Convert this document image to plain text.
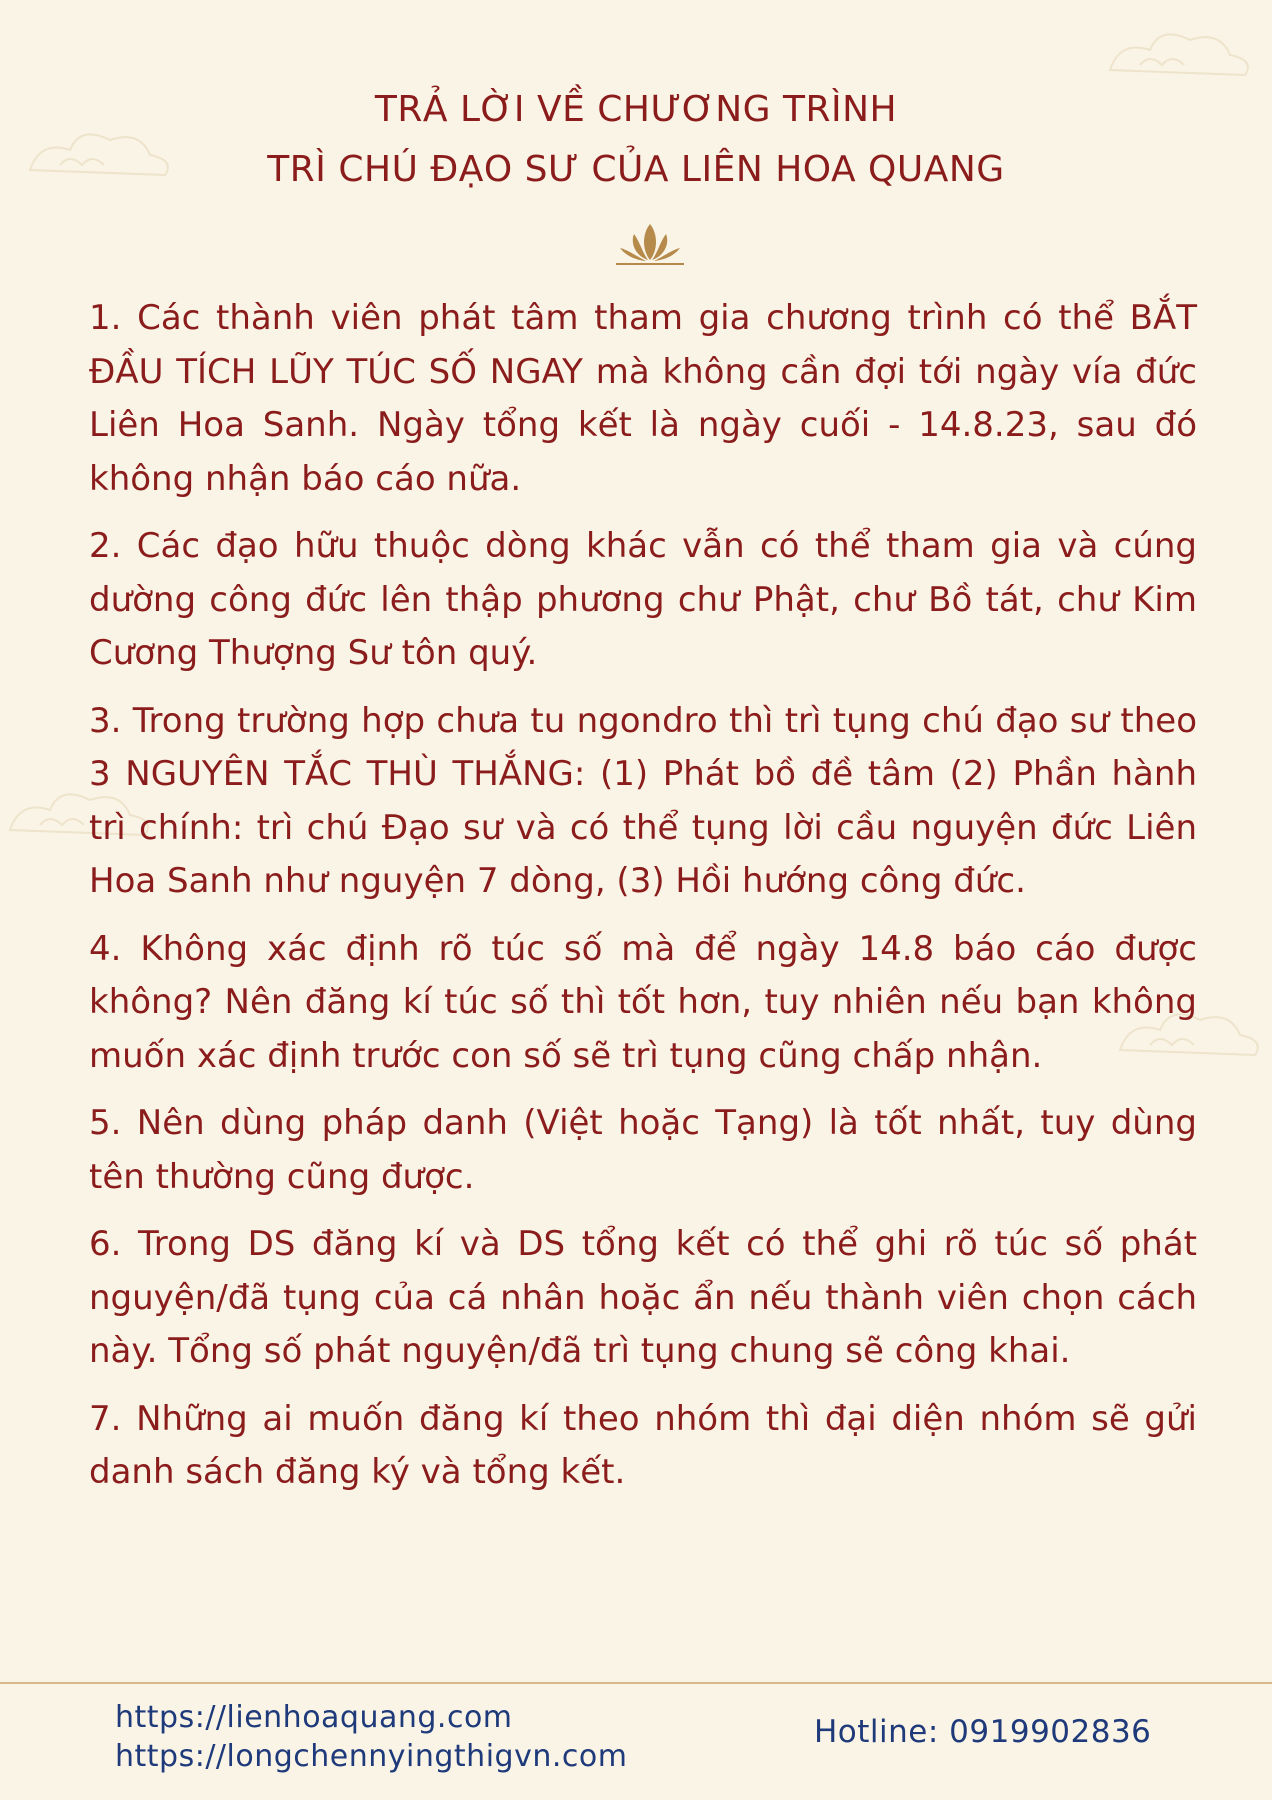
TRẢ LỜI VỀ CHƯƠNG TRÌNH
TRÌ CHÚ ĐẠO SƯ CỦA LIÊN HOA QUANG

1. Các thành viên phát tâm tham gia chương trình có thể BẮT ĐẦU TÍCH LŨY TÚC SỐ NGAY mà không cần đợi tới ngày vía đức Liên Hoa Sanh. Ngày tổng kết là ngày cuối - 14.8.23, sau đó không nhận báo cáo nữa.

2. Các đạo hữu thuộc dòng khác vẫn có thể tham gia và cúng dường công đức lên thập phương chư Phật, chư Bồ tát, chư Kim Cương Thượng Sư tôn quý.

3. Trong trường hợp chưa tu ngondro thì trì tụng chú đạo sư theo 3 NGUYÊN TẮC THÙ THẮNG: (1) Phát bồ đề tâm (2) Phần hành trì chính: trì chú Đạo sư và có thể tụng lời cầu nguyện đức Liên Hoa Sanh như nguyện 7 dòng, (3) Hồi hướng công đức.

4. Không xác định rõ túc số mà để ngày 14.8 báo cáo được không? Nên đăng kí túc số thì tốt hơn, tuy nhiên nếu bạn không muốn xác định trước con số sẽ trì tụng cũng chấp nhận.

5. Nên dùng pháp danh (Việt hoặc Tạng) là tốt nhất, tuy dùng tên thường cũng được.

6. Trong DS đăng kí và DS tổng kết có thể ghi rõ túc số phát nguyện/đã tụng của cá nhân hoặc ẩn nếu thành viên chọn cách này. Tổng số phát nguyện/đã trì tụng chung sẽ công khai.

7. Những ai muốn đăng kí theo nhóm thì đại diện nhóm sẽ gửi danh sách đăng ký và tổng kết.

https://lienhoaquang.com
https://longchennyingthigvn.com
Hotline: 0919902836
